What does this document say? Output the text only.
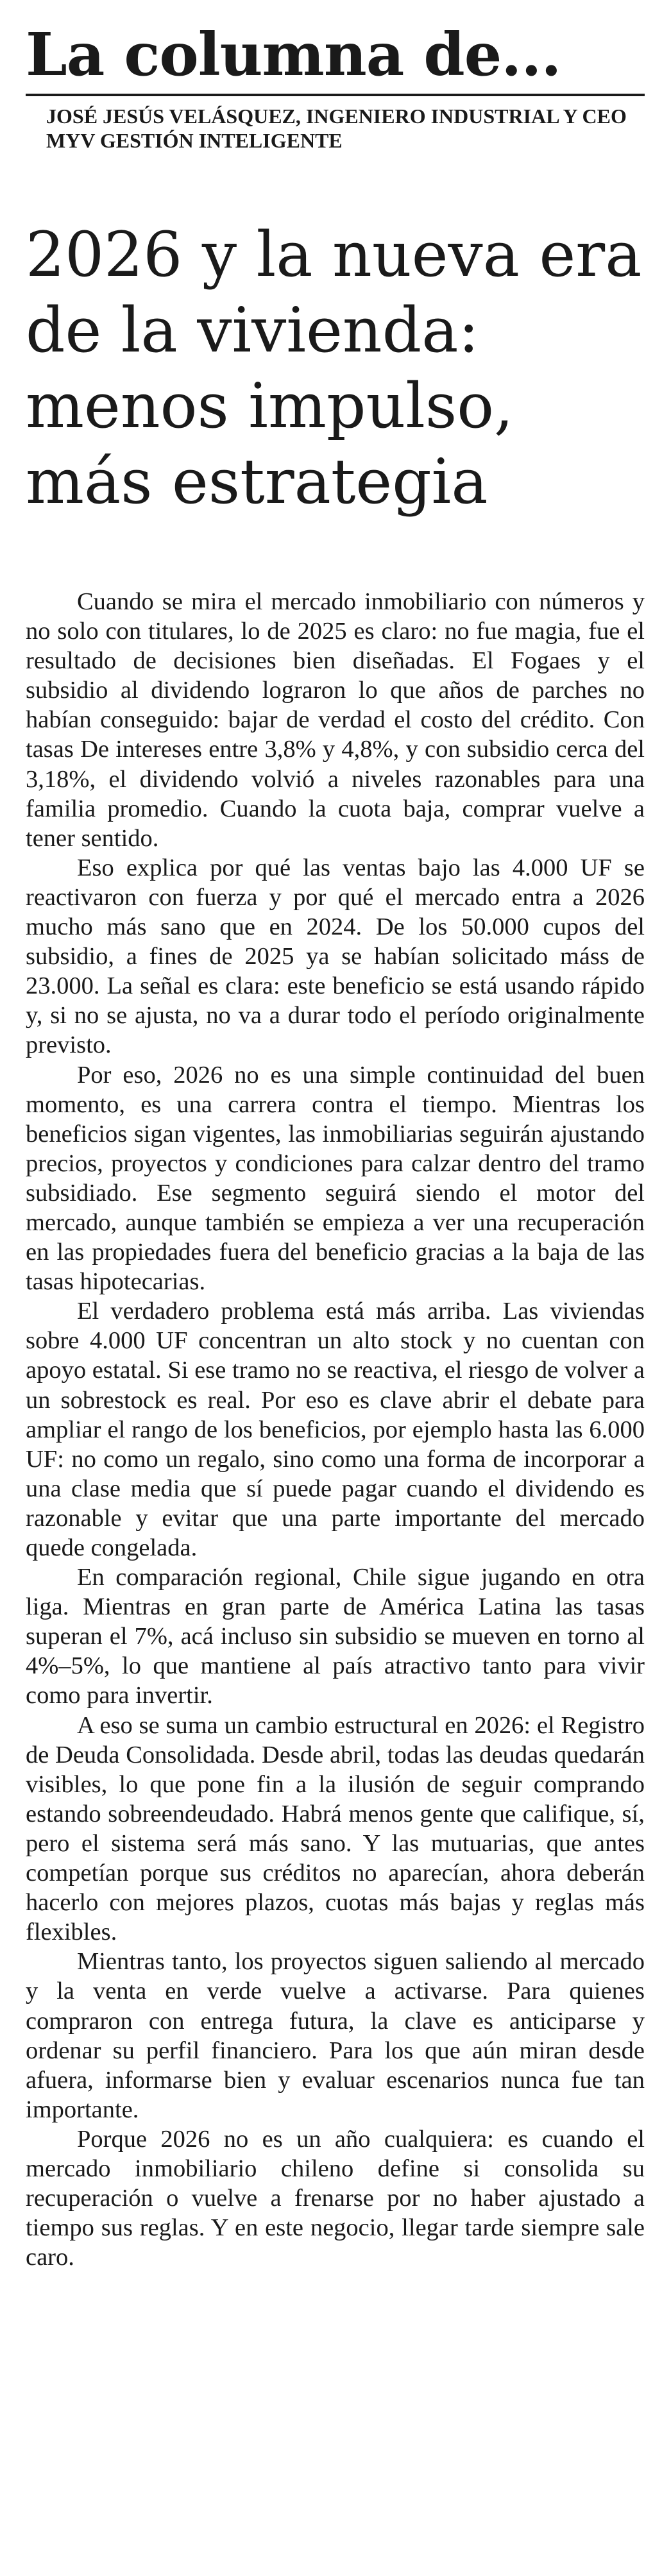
La columna de...

JOSÉ JESÚS VELÁSQUEZ, INGENIERO INDUSTRIAL Y CEO MYV GESTIÓN INTELIGENTE

2026 y la nueva era de la vivienda: menos impulso, más estrategia

Cuando se mira el mercado inmobiliario con números y no solo con titulares, lo de 2025 es claro: no fue magia, fue el resultado de decisiones bien diseñadas. El Fogaes y el subsidio al dividendo lograron lo que años de parches no habían conseguido: bajar de verdad el costo del crédito. Con tasas De intereses entre 3,8% y 4,8%, y con subsidio cerca del 3,18%, el dividendo volvió a niveles razonables para una familia promedio. Cuando la cuota baja, comprar vuelve a tener sentido.

Eso explica por qué las ventas bajo las 4.000 UF se reactivaron con fuerza y por qué el mercado entra a 2026 mucho más sano que en 2024. De los 50.000 cupos del subsidio, a fines de 2025 ya se habían solicitado máss de 23.000. La señal es clara: este beneficio se está usando rápido y, si no se ajusta, no va a durar todo el período originalmente previsto.

Por eso, 2026 no es una simple continuidad del buen momento, es una carrera contra el tiempo. Mientras los beneficios sigan vigentes, las inmobiliarias seguirán ajustando precios, proyectos y condiciones para calzar dentro del tramo subsidiado. Ese segmento seguirá siendo el motor del mercado, aunque también se empieza a ver una recuperación en las propiedades fuera del beneficio gracias a la baja de las tasas hipotecarias.

El verdadero problema está más arriba. Las viviendas sobre 4.000 UF concentran un alto stock y no cuentan con apoyo estatal. Si ese tramo no se reactiva, el riesgo de volver a un sobrestock es real. Por eso es clave abrir el debate para ampliar el rango de los beneficios, por ejemplo hasta las 6.000 UF: no como un regalo, sino como una forma de incorporar a una clase media que sí puede pagar cuando el dividendo es razonable y evitar que una parte importante del mercado quede congelada.

En comparación regional, Chile sigue jugando en otra liga. Mientras en gran parte de América Latina las tasas superan el 7%, acá incluso sin subsidio se mueven en torno al 4%–5%, lo que mantiene al país atractivo tanto para vivir como para invertir.

A eso se suma un cambio estructural en 2026: el Registro de Deuda Consolidada. Desde abril, todas las deudas quedarán visibles, lo que pone fin a la ilusión de seguir comprando estando sobreendeudado. Habrá menos gente que califique, sí, pero el sistema será más sano. Y las mutuarias, que antes competían porque sus créditos no aparecían, ahora deberán hacerlo con mejores plazos, cuotas más bajas y reglas más flexibles.

Mientras tanto, los proyectos siguen saliendo al mercado y la venta en verde vuelve a activarse. Para quienes compraron con entrega futura, la clave es anticiparse y ordenar su perfil financiero. Para los que aún miran desde afuera, informarse bien y evaluar escenarios nunca fue tan importante.

Porque 2026 no es un año cualquiera: es cuando el mercado inmobiliario chileno define si consolida su recuperación o vuelve a frenarse por no haber ajustado a tiempo sus reglas. Y en este negocio, llegar tarde siempre sale caro.
